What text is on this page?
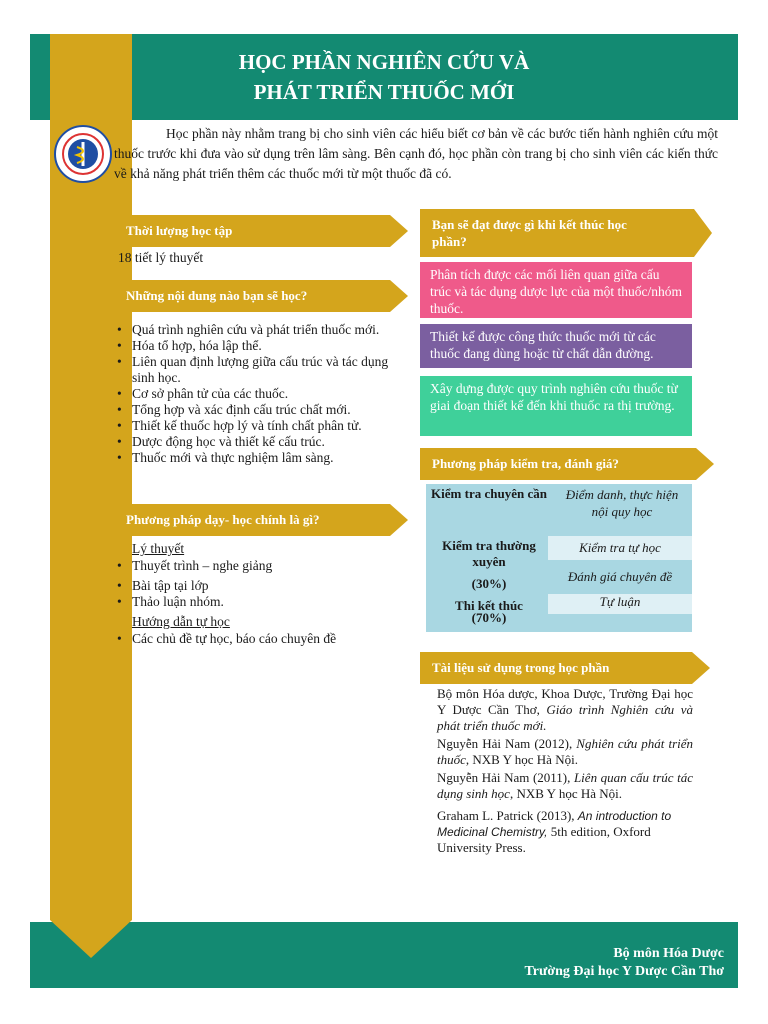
HỌC PHẦN NGHIÊN CỨU VÀ
PHÁT TRIỂN THUỐC MỚI
Bộ môn Hóa Dược
Trường Đại học Y Dược Cần Thơ
Học phần này nhằm trang bị cho sinh viên các hiểu biết cơ bản về các bước tiến hành nghiên cứu một thuốc trước khi đưa vào sử dụng trên lâm sàng. Bên cạnh đó, học phần còn trang bị cho sinh viên các kiến thức về khả năng phát triển thêm các thuốc mới từ một thuốc đã có.
Thời lượng học tập
18 tiết lý thuyết
Những nội dung nào bạn sẽ học?
• Quá trình nghiên cứu và phát triển thuốc mới.
• Hóa tổ hợp, hóa lập thể.
• Liên quan định lượng giữa cấu trúc và tác dụng sinh học.
• Cơ sở phân tử của các thuốc.
• Tổng hợp và xác định cấu trúc chất mới.
• Thiết kế thuốc hợp lý và tính chất phân tử.
• Dược động học và thiết kế cấu trúc.
• Thuốc mới và thực nghiệm lâm sàng.
Phương pháp dạy- học chính là gì?
Lý thuyết
• Thuyết trình – nghe giảng
• Bài tập tại lớp
• Thảo luận nhóm.
Hướng dẫn tự học
• Các chủ đề tự học, báo cáo chuyên đề
Bạn sẽ đạt được gì khi kết thúc học phần?
Phân tích được các mối liên quan giữa cấu trúc và tác dụng dược lực của một thuốc/nhóm thuốc.
Thiết kế được công thức thuốc mới từ các thuốc đang dùng hoặc từ chất dẫn đường.
Xây dựng được quy trình nghiên cứu thuốc từ giai đoạn thiết kế đến khi thuốc ra thị trường.
Phương pháp kiểm tra, đánh giá?
Kiểm tra chuyên cần Điểm danh, thực hiện nội quy học
Kiểm tra thường xuyên
(30%)
Kiểm tra tự học
Đánh giá chuyên đề
Thi kết thúc
(70%)
Tự luận
Tài liệu sử dụng trong học phần
Bộ môn Hóa dược, Khoa Dược, Trường Đại học Y Dược Cần Thơ, Giáo trình Nghiên cứu và phát triển thuốc mới.
Nguyễn Hải Nam (2012), Nghiên cứu phát triển thuốc, NXB Y học Hà Nội.
Nguyễn Hải Nam (2011), Liên quan cấu trúc tác dụng sinh học, NXB Y học Hà Nội.
Graham L. Patrick (2013), An introduction to Medicinal Chemistry, 5th edition, Oxford University Press.
